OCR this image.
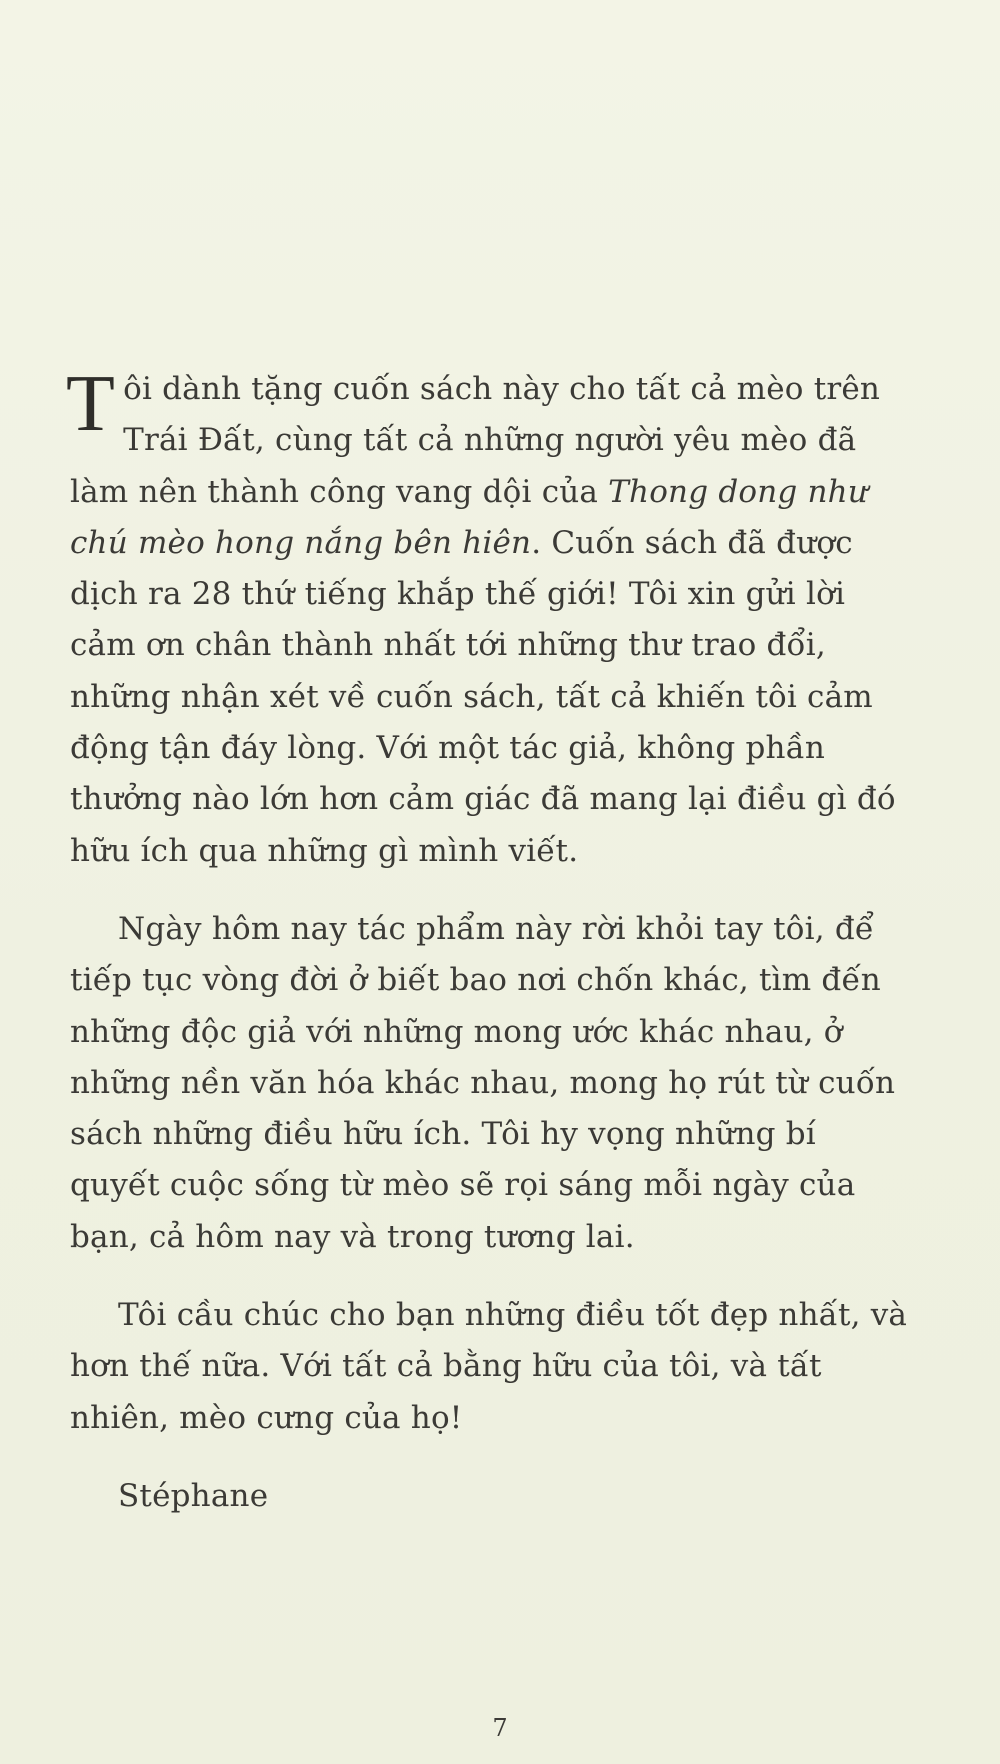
Tôi dành tặng cuốn sách này cho tất cả mèo trên Trái Đất, cùng tất cả những người yêu mèo đã làm nên thành công vang dội của Thong dong như chú mèo hong nắng bên hiên. Cuốn sách đã được dịch ra 28 thứ tiếng khắp thế giới! Tôi xin gửi lời cảm ơn chân thành nhất tới những thư trao đổi, những nhận xét về cuốn sách, tất cả khiến tôi cảm động tận đáy lòng. Với một tác giả, không phần thưởng nào lớn hơn cảm giác đã mang lại điều gì đó hữu ích qua những gì mình viết.

Ngày hôm nay tác phẩm này rời khỏi tay tôi, để tiếp tục vòng đời ở biết bao nơi chốn khác, tìm đến những độc giả với những mong ước khác nhau, ở những nền văn hóa khác nhau, mong họ rút từ cuốn sách những điều hữu ích. Tôi hy vọng những bí quyết cuộc sống từ mèo sẽ rọi sáng mỗi ngày của bạn, cả hôm nay và trong tương lai.

Tôi cầu chúc cho bạn những điều tốt đẹp nhất, và hơn thế nữa. Với tất cả bằng hữu của tôi, và tất nhiên, mèo cưng của họ!

Stéphane

7
